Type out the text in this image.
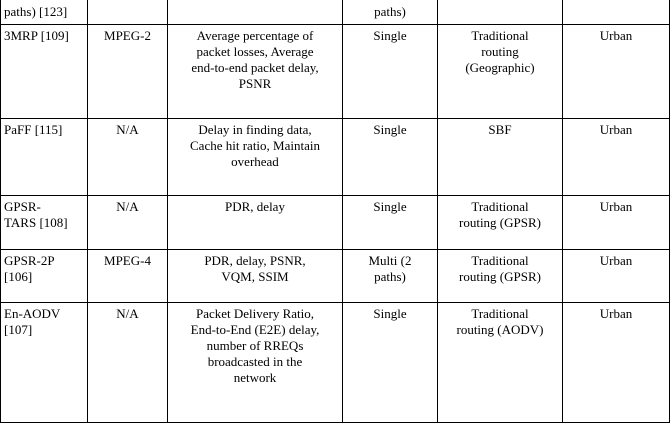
paths) [123]			paths)		
3MRP [109]	MPEG-2	Average percentage of
packet losses, Average
end-to-end packet delay,
PSNR	Single	Traditional
routing
(Geographic)	Urban
PaFF [115]	N/A	Delay in finding data,
Cache hit ratio, Maintain
overhead	Single	SBF	Urban
GPSR-
TARS [108]	N/A	PDR, delay	Single	Traditional
routing (GPSR)	Urban
GPSR-2P
[106]	MPEG-4	PDR, delay, PSNR,
VQM, SSIM	Multi (2
paths)	Traditional
routing (GPSR)	Urban
En-AODV
[107]	N/A	Packet Delivery Ratio,
End-to-End (E2E) delay,
number of RREQs
broadcasted in the
network	Single	Traditional
routing (AODV)	Urban
